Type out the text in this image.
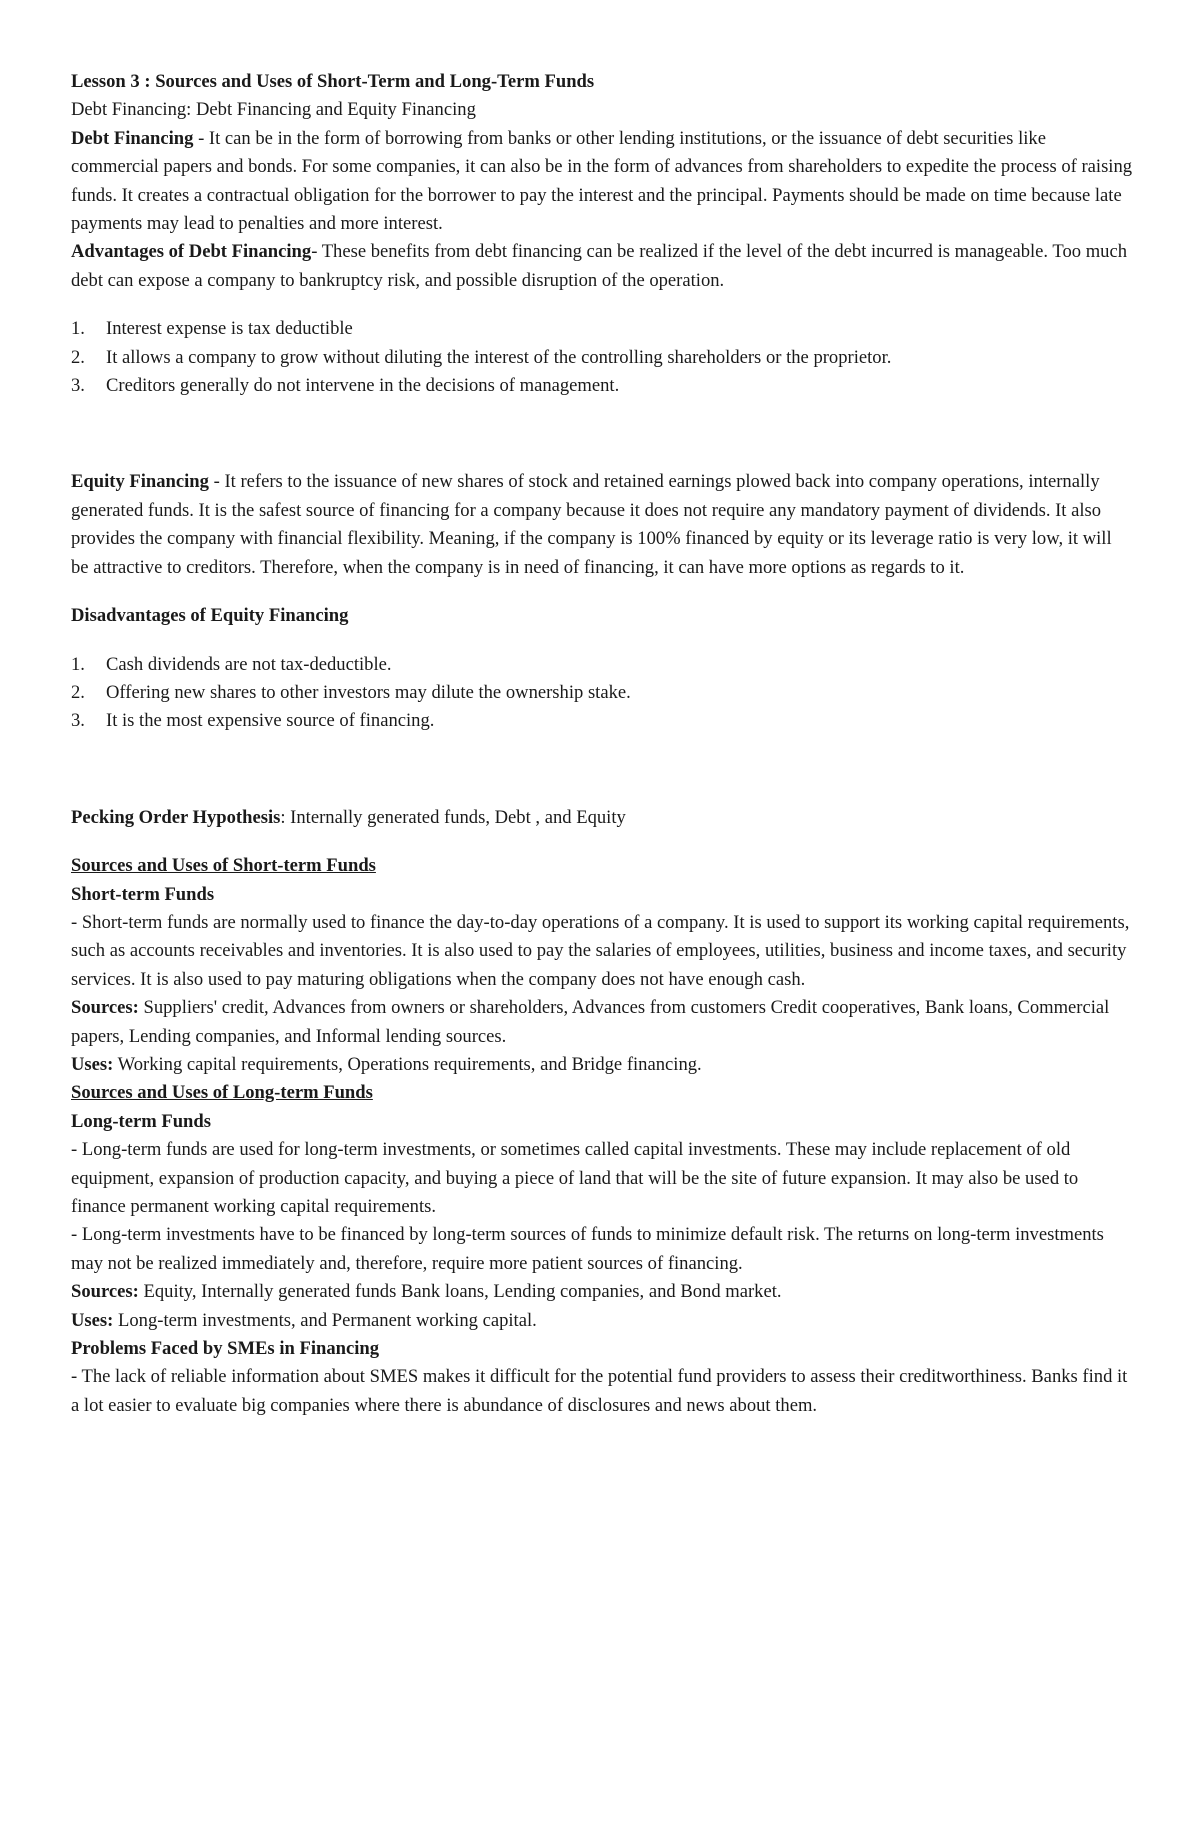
Lesson 3 : Sources and Uses of Short-Term and Long-Term Funds

Debt Financing: Debt Financing and Equity Financing

Debt Financing - It can be in the form of borrowing from banks or other lending institutions, or the issuance of debt securities like commercial papers and bonds. For some companies, it can also be in the form of advances from shareholders to expedite the process of raising funds. It creates a contractual obligation for the borrower to pay the interest and the principal. Payments should be made on time because late payments may lead to penalties and more interest.

Advantages of Debt Financing- These benefits from debt financing can be realized if the level of the debt incurred is manageable. Too much debt can expose a company to bankruptcy risk, and possible disruption of the operation.

1. Interest expense is tax deductible
2. It allows a company to grow without diluting the interest of the controlling shareholders or the proprietor.
3. Creditors generally do not intervene in the decisions of management.

Equity Financing - It refers to the issuance of new shares of stock and retained earnings plowed back into company operations, internally generated funds. It is the safest source of financing for a company because it does not require any mandatory payment of dividends. It also provides the company with financial flexibility. Meaning, if the company is 100% financed by equity or its leverage ratio is very low, it will be attractive to creditors. Therefore, when the company is in need of financing, it can have more options as regards to it.

Disadvantages of Equity Financing

1. Cash dividends are not tax-deductible.
2. Offering new shares to other investors may dilute the ownership stake.
3. It is the most expensive source of financing.

Pecking Order Hypothesis: Internally generated funds, Debt , and Equity

Sources and Uses of Short-term Funds

Short-term Funds

- Short-term funds are normally used to finance the day-to-day operations of a company. It is used to support its working capital requirements, such as accounts receivables and inventories. It is also used to pay the salaries of employees, utilities, business and income taxes, and security services. It is also used to pay maturing obligations when the company does not have enough cash.

Sources: Suppliers' credit, Advances from owners or shareholders, Advances from customers Credit cooperatives, Bank loans, Commercial papers, Lending companies, and Informal lending sources.

Uses: Working capital requirements, Operations requirements, and Bridge financing.

Sources and Uses of Long-term Funds

Long-term Funds

- Long-term funds are used for long-term investments, or sometimes called capital investments. These may include replacement of old equipment, expansion of production capacity, and buying a piece of land that will be the site of future expansion. It may also be used to finance permanent working capital requirements.

- Long-term investments have to be financed by long-term sources of funds to minimize default risk. The returns on long-term investments may not be realized immediately and, therefore, require more patient sources of financing.

Sources: Equity, Internally generated funds Bank loans, Lending companies, and Bond market.

Uses: Long-term investments, and Permanent working capital.

Problems Faced by SMEs in Financing

- The lack of reliable information about SMES makes it difficult for the potential fund providers to assess their creditworthiness. Banks find it a lot easier to evaluate big companies where there is abundance of disclosures and news about them.
